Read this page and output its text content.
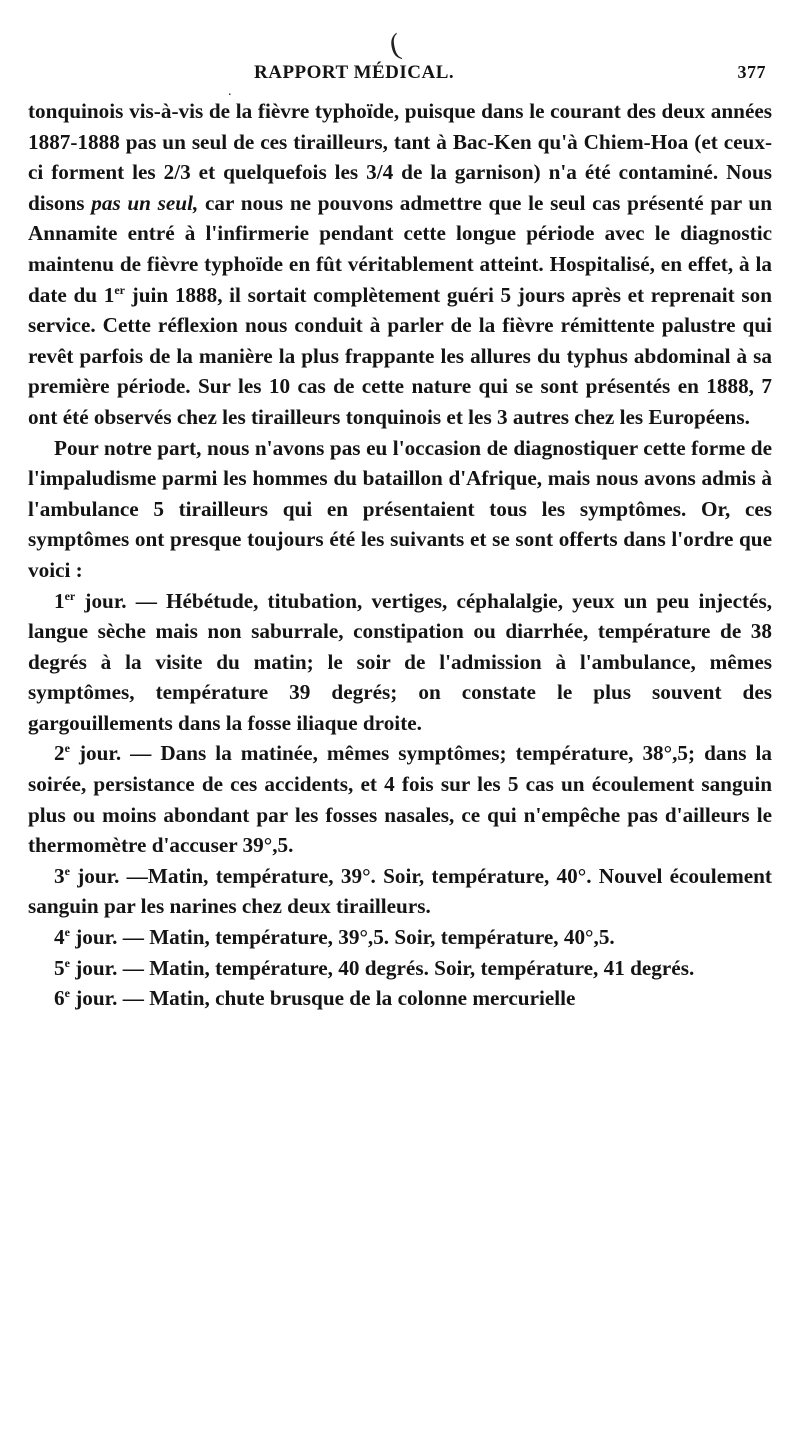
(
.
RAPPORT MÉDICAL.	377

tonquinois vis-à-vis de la fièvre typhoïde, puisque dans le courant des deux années 1887-1888 pas un seul de ces tirailleurs, tant à Bac-Ken qu'à Chiem-Hoa (et ceux-ci forment les 2/3 et quelquefois les 3/4 de la garnison) n'a été contaminé. Nous disons pas un seul, car nous ne pouvons admettre que le seul cas présenté par un Annamite entré à l'infirmerie pendant cette longue période avec le diagnostic maintenu de fièvre typhoïde en fût véritablement atteint. Hospitalisé, en effet, à la date du 1er juin 1888, il sortait complètement guéri 5 jours après et reprenait son service. Cette réflexion nous conduit à parler de la fièvre rémittente palustre qui revêt parfois de la manière la plus frappante les allures du typhus abdominal à sa première période. Sur les 10 cas de cette nature qui se sont présentés en 1888, 7 ont été observés chez les tirailleurs tonquinois et les 3 autres chez les Européens.

Pour notre part, nous n'avons pas eu l'occasion de diagnostiquer cette forme de l'impaludisme parmi les hommes du bataillon d'Afrique, mais nous avons admis à l'ambulance 5 tirailleurs qui en présentaient tous les symptômes. Or, ces symptômes ont presque toujours été les suivants et se sont offerts dans l'ordre que voici :

1er jour. — Hébétude, titubation, vertiges, céphalalgie, yeux un peu injectés, langue sèche mais non saburrale, constipation ou diarrhée, température de 38 degrés à la visite du matin; le soir de l'admission à l'ambulance, mêmes symptômes, température 39 degrés; on constate le plus souvent des gargouillements dans la fosse iliaque droite.

2e jour. — Dans la matinée, mêmes symptômes; température, 38°,5; dans la soirée, persistance de ces accidents, et 4 fois sur les 5 cas un écoulement sanguin plus ou moins abondant par les fosses nasales, ce qui n'empêche pas d'ailleurs le thermomètre d'accuser 39°,5.

3e jour. —Matin, température, 39°. Soir, température, 40°. Nouvel écoulement sanguin par les narines chez deux tirailleurs.

4e jour. — Matin, température, 39°,5. Soir, température, 40°,5.

5e jour. — Matin, température, 40 degrés. Soir, température, 41 degrés.

6e jour. — Matin, chute brusque de la colonne mercurielle
